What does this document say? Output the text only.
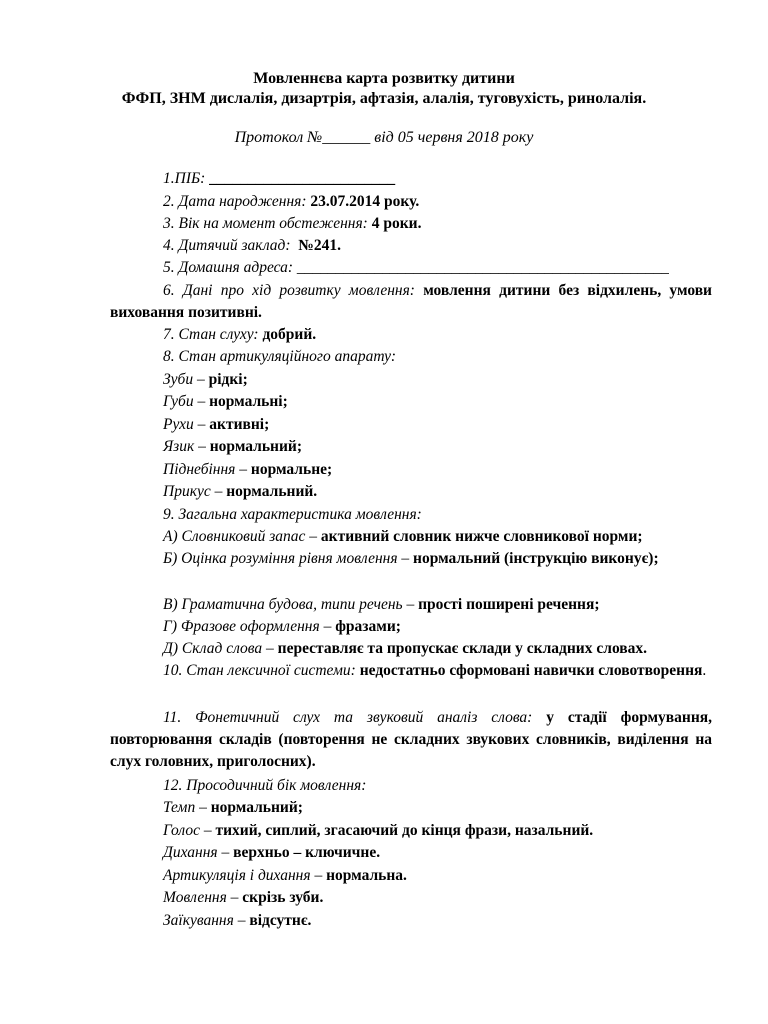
Мовленнєва карта розвитку дитини
ФФП, ЗНМ дислалія, дизартрія, афтазія, алалія, туговухість, ринолалія.
Протокол №______ від 05 червня 2018 року
1.ПІБ: ________________________
2. Дата народження: 23.07.2014 року.
3. Вік на момент обстеження: 4 роки.
4. Дитячий заклад: №241.
5. Домашня адреса: ________________________________________________
6. Дані про хід розвитку мовлення: мовлення дитини без відхилень, умови виховання позитивні.
7. Стан слуху: добрий.
8. Стан артикуляційного апарату:
Зуби – рідкі;
Губи – нормальні;
Рухи – активні;
Язик – нормальний;
Піднебіння – нормальне;
Прикус – нормальний.
9. Загальна характеристика мовлення:
А) Словниковий запас – активний словник нижче словникової норми;
Б) Оцінка розуміння рівня мовлення – нормальний (інструкцію виконує);
В) Граматична будова, типи речень – прості поширені речення;
Г) Фразове оформлення – фразами;
Д) Склад слова – переставляє та пропускає склади у складних словах.
10. Стан лексичної системи: недостатньо сформовані навички словотворення.
11. Фонетичний слух та звуковий аналіз слова: у стадії формування, повторювання складів (повторення не складних звукових словників, виділення на слух головних, приголосних).
12. Просодичний бік мовлення:
Темп – нормальний;
Голос – тихий, сиплий, згасаючий до кінця фрази, назальний.
Дихання – верхньо – ключичне.
Артикуляція і дихання – нормальна.
Мовлення – скрізь зуби.
Заїкування – відсутнє.
